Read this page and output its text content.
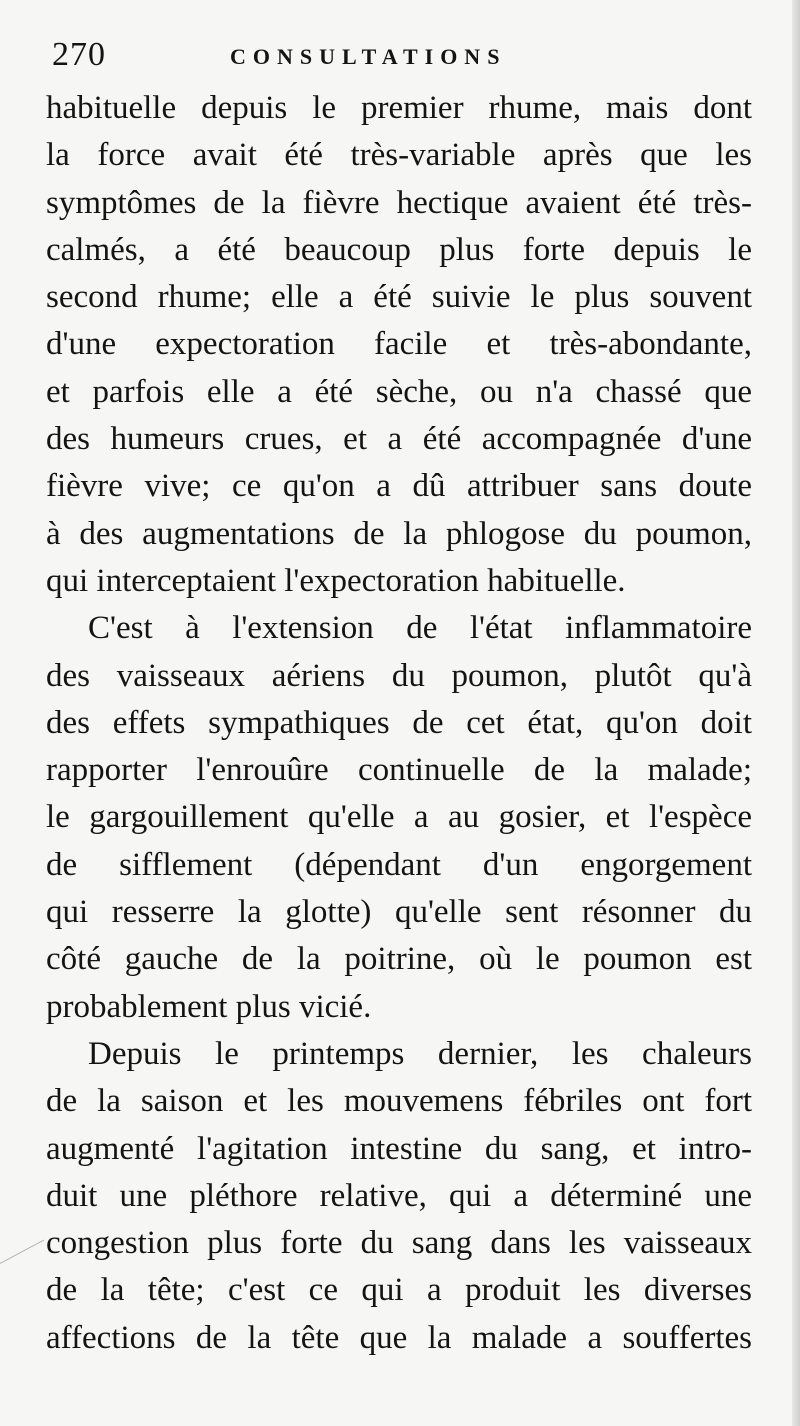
270	CONSULTATIONS
habituelle depuis le premier rhume, mais dont
la force avait été très-variable après que les
symptômes de la fièvre hectique avaient été très-
calmés, a été beaucoup plus forte depuis le
second rhume; elle a été suivie le plus souvent
d'une expectoration facile et très-abondante,
et parfois elle a été sèche, ou n'a chassé que
des humeurs crues, et a été accompagnée d'une
fièvre vive; ce qu'on a dû attribuer sans doute
à des augmentations de la phlogose du poumon,
qui interceptaient l'expectoration habituelle.
C'est à l'extension de l'état inflammatoire
des vaisseaux aériens du poumon, plutôt qu'à
des effets sympathiques de cet état, qu'on doit
rapporter l'enrouûre continuelle de la malade;
le gargouillement qu'elle a au gosier, et l'espèce
de sifflement (dépendant d'un engorgement
qui resserre la glotte) qu'elle sent résonner du
côté gauche de la poitrine, où le poumon est
probablement plus vicié.
Depuis le printemps dernier, les chaleurs
de la saison et les mouvemens fébriles ont fort
augmenté l'agitation intestine du sang, et intro-
duit une pléthore relative, qui a déterminé une
congestion plus forte du sang dans les vaisseaux
de la tête; c'est ce qui a produit les diverses
affections de la tête que la malade a souffertes
